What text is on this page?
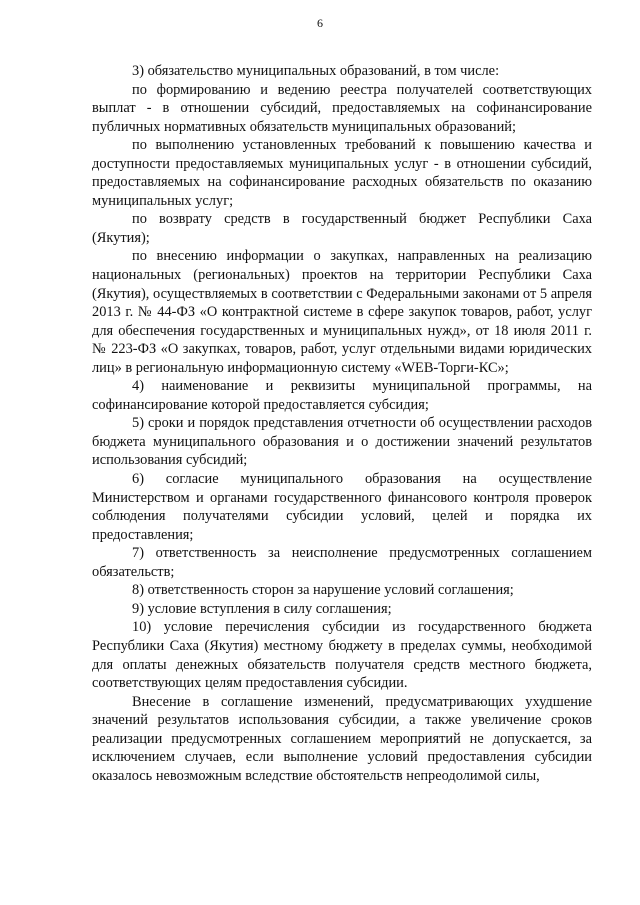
6

3) обязательство муниципальных образований, в том числе:

по формированию и ведению реестра получателей соответствующих выплат - в отношении субсидий, предоставляемых на софинансирование публичных нормативных обязательств муниципальных образований;

по выполнению установленных требований к повышению качества и доступности предоставляемых муниципальных услуг - в отношении субсидий, предоставляемых на софинансирование расходных обязательств по оказанию муниципальных услуг;

по возврату средств в государственный бюджет Республики Саха (Якутия);

по внесению информации о закупках, направленных на реализацию национальных (региональных) проектов на территории Республики Саха (Якутия), осуществляемых в соответствии с Федеральными законами от 5 апреля 2013 г. № 44-ФЗ «О контрактной системе в сфере закупок товаров, работ, услуг для обеспечения государственных и муниципальных нужд», от 18 июля 2011 г. № 223-ФЗ «О закупках, товаров, работ, услуг отдельными видами юридических лиц» в региональную информационную систему «WEB-Торги-КС»;

4) наименование и реквизиты муниципальной программы, на софинансирование которой предоставляется субсидия;

5) сроки и порядок представления отчетности об осуществлении расходов бюджета муниципального образования и о достижении значений результатов использования субсидий;

6) согласие муниципального образования на осуществление Министерством и органами государственного финансового контроля проверок соблюдения получателями субсидии условий, целей и порядка их предоставления;

7) ответственность за неисполнение предусмотренных соглашением обязательств;

8) ответственность сторон за нарушение условий соглашения;

9) условие вступления в силу соглашения;

10) условие перечисления субсидии из государственного бюджета Республики Саха (Якутия) местному бюджету в пределах суммы, необходимой для оплаты денежных обязательств получателя средств местного бюджета, соответствующих целям предоставления субсидии.

Внесение в соглашение изменений, предусматривающих ухудшение значений результатов использования субсидии, а также увеличение сроков реализации предусмотренных соглашением мероприятий не допускается, за исключением случаев, если выполнение условий предоставления субсидии оказалось невозможным вследствие обстоятельств непреодолимой силы,
